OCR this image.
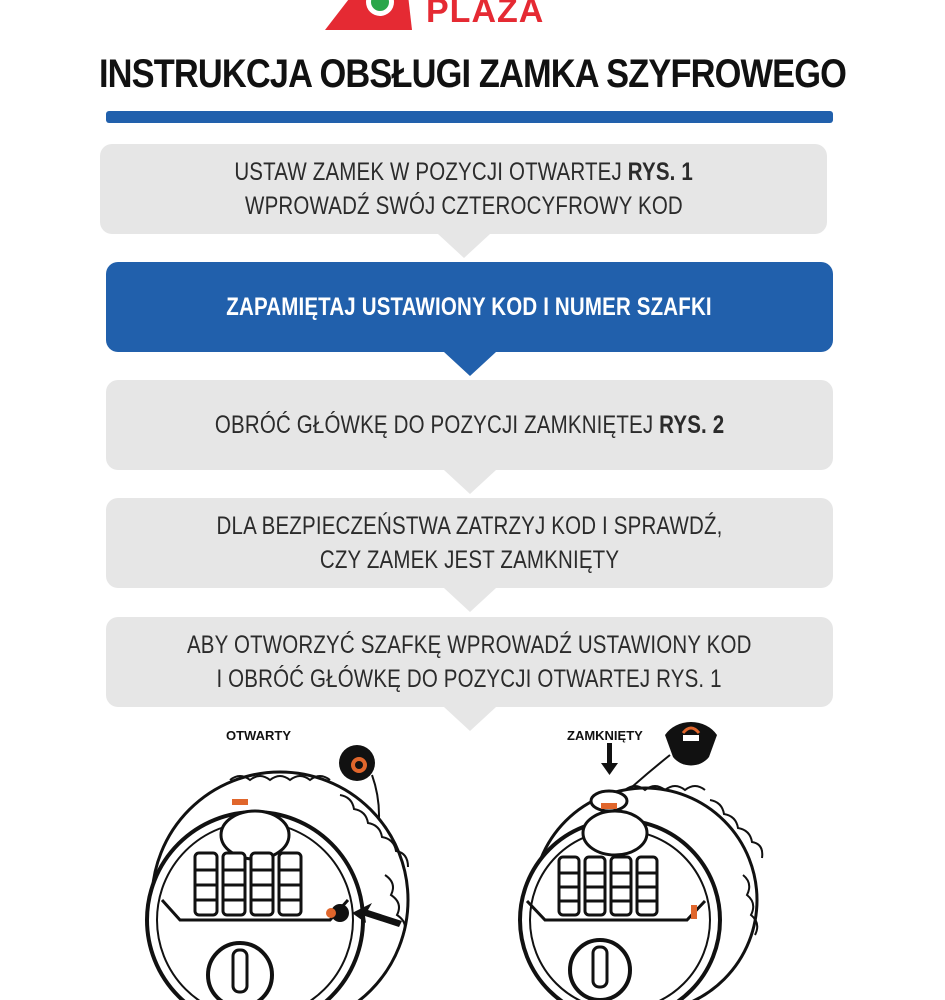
PLAZA
INSTRUKCJA OBSŁUGI ZAMKA SZYFROWEGO
USTAW ZAMEK W POZYCJI OTWARTEJ RYS. 1
WPROWADŹ SWÓJ CZTEROCYFROWY KOD
ZAPAMIĘTAJ USTAWIONY KOD I NUMER SZAFKI
OBRÓĆ GŁÓWKĘ DO POZYCJI ZAMKNIĘTEJ RYS. 2
DLA BEZPIECZEŃSTWA ZATRZYJ KOD I SPRAWDŹ,
CZY ZAMEK JEST ZAMKNIĘTY
ABY OTWORZYĆ SZAFKĘ WPROWADŹ USTAWIONY KOD
I OBRÓĆ GŁÓWKĘ DO POZYCJI OTWARTEJ RYS. 1
OTWARTY	ZAMKNIĘTY
